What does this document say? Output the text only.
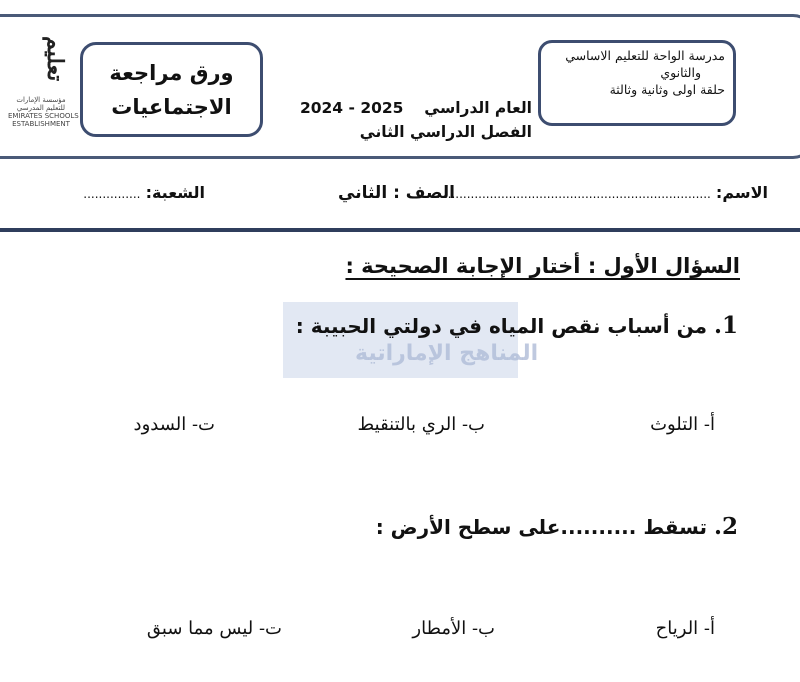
تعليم
مؤسسة الإمارات
للتعليم المدرسي
EMIRATES SCHOOLS
ESTABLISHMENT
ورق مراجعة
الاجتماعيات	العام الدراسي  2024 - 2025
الفصل الدراسي الثاني
مدرسة الواحة للتعليم الاساسي
والثانوي
حلقة اولى وثانية وثالثة
الاسم: ........................................................................
الصف : الثاني
الشعبة: ...............
المناهج الإماراتية
السؤال الأول : أختار الإجابة الصحيحة :
1. من أسباب نقص المياه في دولتي الحبيبة :
أ- التلوث
ب- الري بالتنقيط
ت- السدود
2. تسقط ..........على سطح الأرض :
أ- الرياح
ب- الأمطار
ت- ليس مما سبق
